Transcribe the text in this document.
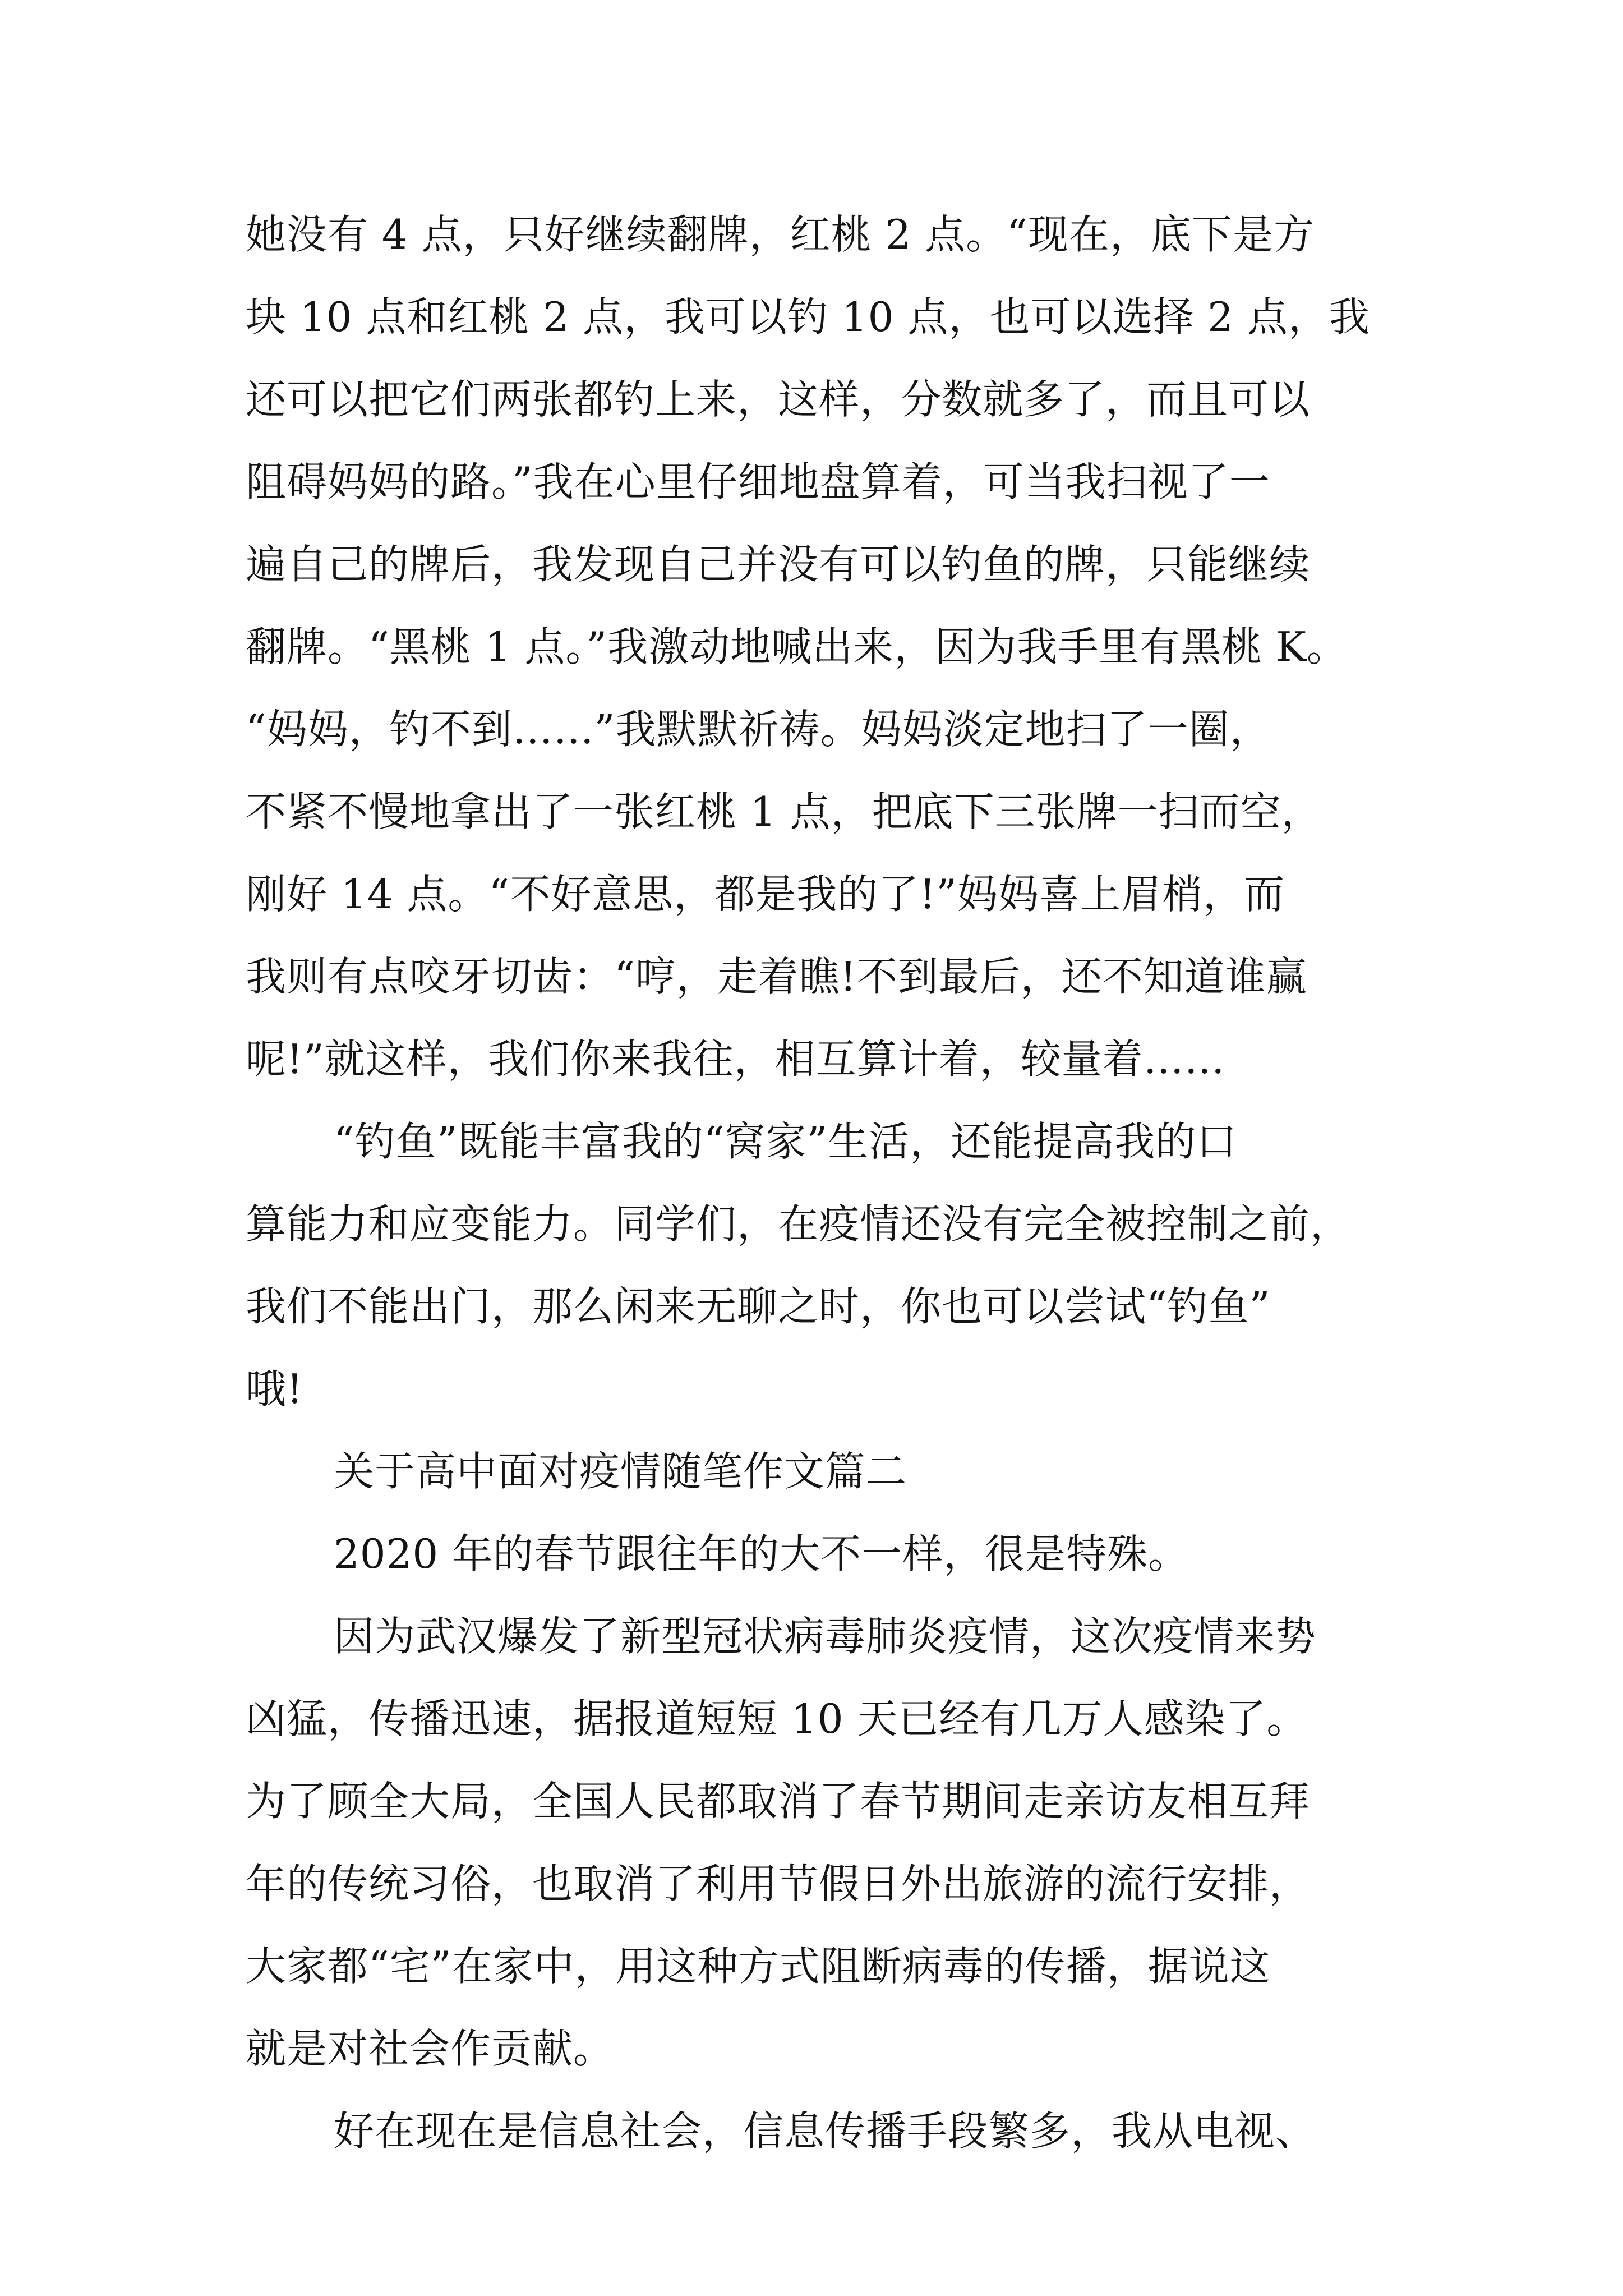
她没有 4 点，只好继续翻牌，红桃 2 点。“现在，底下是方
块 10 点和红桃 2 点，我可以钓 10 点，也可以选择 2 点，我
还可以把它们两张都钓上来，这样，分数就多了，而且可以
阻碍妈妈的路。”我在心里仔细地盘算着，可当我扫视了一
遍自己的牌后，我发现自己并没有可以钓鱼的牌，只能继续
翻牌。“黑桃 1 点。”我激动地喊出来，因为我手里有黑桃 K。
“妈妈，钓不到……”我默默祈祷。妈妈淡定地扫了一圈，
不紧不慢地拿出了一张红桃 1 点，把底下三张牌一扫而空，
刚好 14 点。“不好意思，都是我的了!”妈妈喜上眉梢，而
我则有点咬牙切齿：“哼，走着瞧!不到最后，还不知道谁赢
呢!”就这样，我们你来我往，相互算计着，较量着……
“钓鱼”既能丰富我的“窝家”生活，还能提高我的口
算能力和应变能力。同学们，在疫情还没有完全被控制之前，
我们不能出门，那么闲来无聊之时，你也可以尝试“钓鱼”
哦!
关于高中面对疫情随笔作文篇二
2020 年的春节跟往年的大不一样，很是特殊。
因为武汉爆发了新型冠状病毒肺炎疫情，这次疫情来势
凶猛，传播迅速，据报道短短 10 天已经有几万人感染了。
为了顾全大局，全国人民都取消了春节期间走亲访友相互拜
年的传统习俗，也取消了利用节假日外出旅游的流行安排，
大家都“宅”在家中，用这种方式阻断病毒的传播，据说这
就是对社会作贡献。
好在现在是信息社会，信息传播手段繁多，我从电视、
